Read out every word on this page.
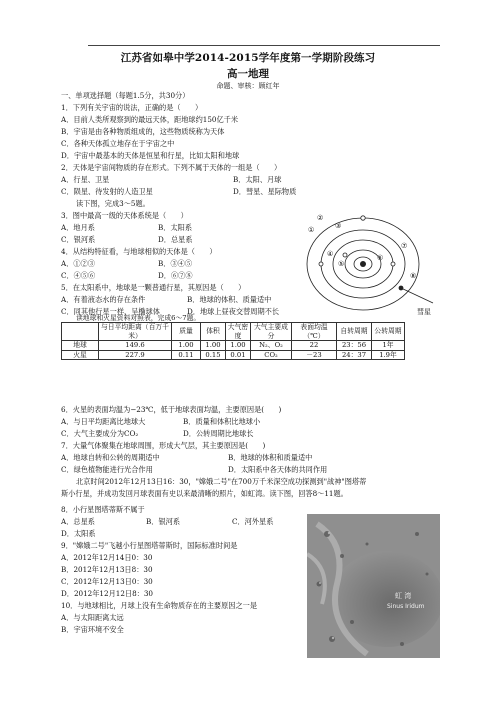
江苏省如皋中学2014-2015学年度第一学期阶段练习
高一地理
命题、审核：顾红年
一、单项选择题（每题1.5分，共30分）
1．下列有关宇宙的说法，正确的是（　　）
A．目前人类所观察到的最远天体，距地球约150亿千米
B．宇宙是由各种物质组成的，这些物质统称为天体
C．各种天体孤立地存在于宇宙之中
D．宇宙中最基本的天体是恒星和行星，比如太阳和地球
2．天体是宇宙间物质的存在形式。下列不属于天体的一组是（　　）
A．行星、卫星	B．太阳、月球
C．陨星、待发射的人造卫星	D．彗星、星际物质
读下图，完成3～5题。
3．图中最高一级的天体系统是（　　）
A．地月系	B．太阳系
C．银河系	D．总星系
4．从结构特征看，与地球相似的天体是（　　）
A．①②③	B．③④⑤
C．④⑤⑥	D．⑥⑦⑧
5．在太阳系中，地球是一颗普通行星，其原因是（　　）
A．有着液态水的存在条件	B．地球的体积、质量适中
C．同其他行星一样，呈椭球体	D．地球上昼夜交替周期不长
读地球和火星资料对照表，完成6～7题。
①
②
③
④
⑤
⑥
⑦
⑧
彗星
	与日平均距离（百万千米）	质量	体积	大气密度	大气主要成分	表面均温（℃）	自转周期	公转周期
地球	149.6	1.00	1.00	1.00	N₂、O₂	22	23：56	1年
火星	227.9	0.11	0.15	0.01	CO₂	－23	24：37	1.9年
6．火星的表面均温为−23℃，低于地球表面均温，主要原因是(　　)
A．与日平均距离比地球大	B．质量和体积比地球小
C．大气主要成分为CO₂	D．公转周期比地球长
7．大量气体聚集在地球周围，形成大气层，其主要原因是(　　)
A．地球自转和公转的周期适中	B．地球的体积和质量适中
C．绿色植物能进行光合作用	D．太阳系中各天体的共同作用
北京时间2012年12月13日16：30，"嫦娥二号"在700万千米深空成功探测到"战神"图塔蒂
斯小行星，并成功发回月球表面有史以来最清晰的照片，如虹湾。读下图，回答8～11题。
8．小行星图塔蒂斯不属于
A．总星系	B．银河系	C．河外星系
D．太阳系
9．"嫦娥二号"飞越小行星图塔蒂斯时，国际标准时间是
A．2012年12月14日0：30
B．2012年12月13日8：30
C．2012年12月13日0：30
D．2012年12月12日8：30
10．与地球相比，月球上没有生命物质存在的主要原因之一是
A．与太阳距离太远
B．宇宙环境不安全
虹 湾
Sinus Iridum
